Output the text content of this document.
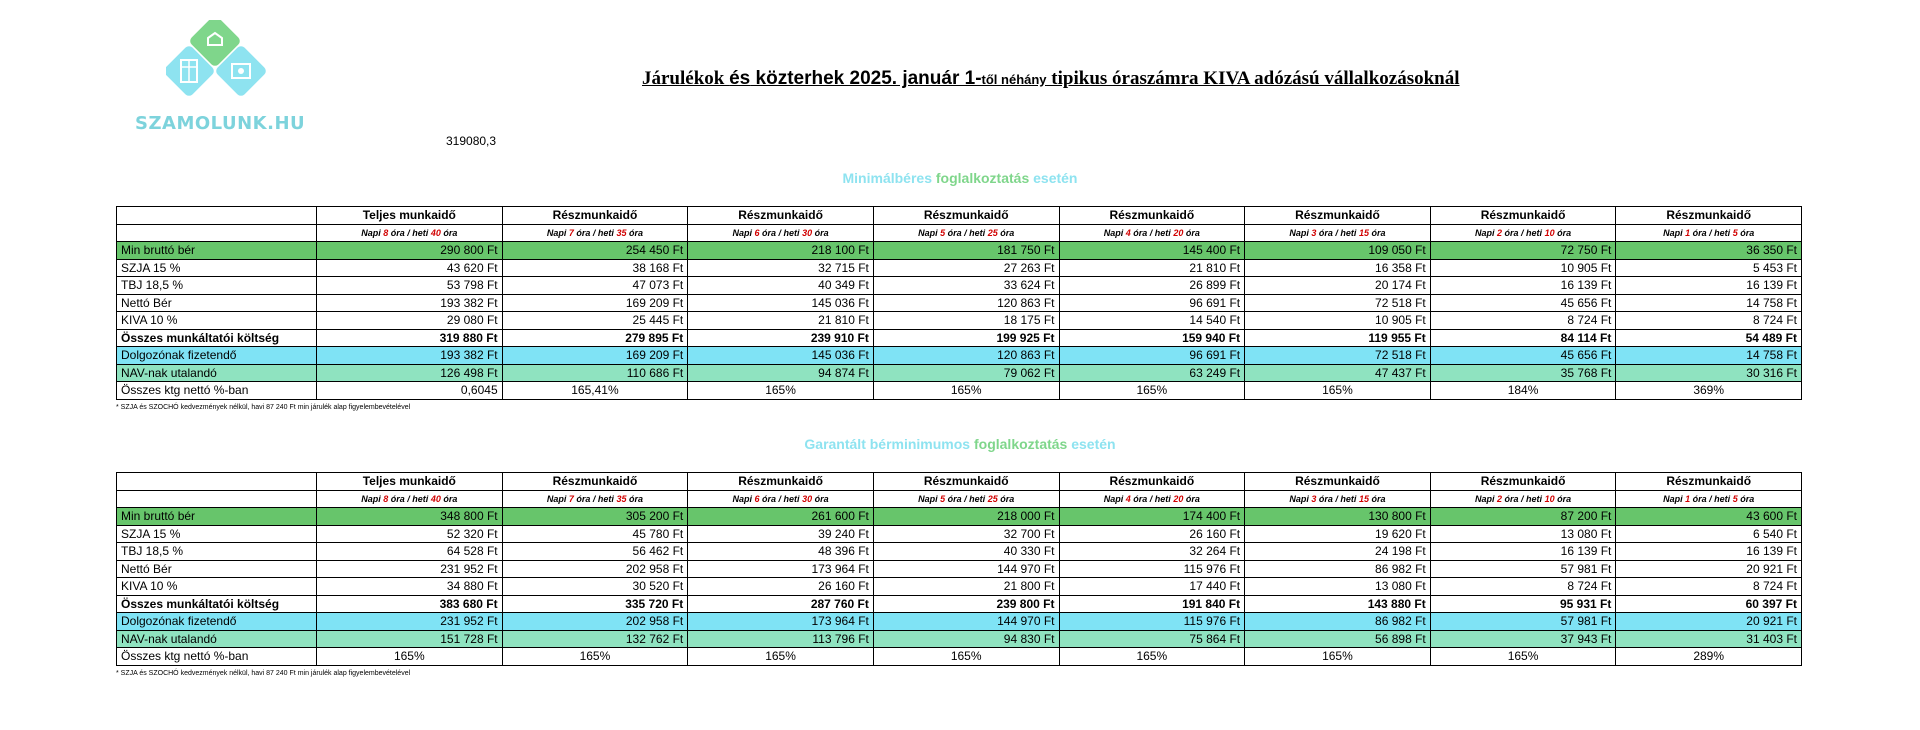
SZAMOLUNK.HU
Járulékok és közterhek 2025. január 1-től néhány tipikus óraszámra KIVA adózású vállalkozásoknál
319080,3
Minimálbéres foglalkoztatás esetén
	Teljes munkaidő	Részmunkaidő	Részmunkaidő	Részmunkaidő	Részmunkaidő	Részmunkaidő	Részmunkaidő	Részmunkaidő
	Napi 8 óra / heti 40 óra	Napi 7 óra / heti 35 óra	Napi 6 óra / heti 30 óra	Napi 5 óra / heti 25 óra	Napi 4 óra / heti 20 óra	Napi 3 óra / heti 15 óra	Napi 2 óra / heti 10 óra	Napi 1 óra / heti 5 óra
Min bruttó bér	290 800 Ft	254 450 Ft	218 100 Ft	181 750 Ft	145 400 Ft	109 050 Ft	72 750 Ft	36 350 Ft
SZJA 15 %	43 620 Ft	38 168 Ft	32 715 Ft	27 263 Ft	21 810 Ft	16 358 Ft	10 905 Ft	5 453 Ft
TBJ 18,5 %	53 798 Ft	47 073 Ft	40 349 Ft	33 624 Ft	26 899 Ft	20 174 Ft	16 139 Ft	16 139 Ft
Nettó Bér	193 382 Ft	169 209 Ft	145 036 Ft	120 863 Ft	96 691 Ft	72 518 Ft	45 656 Ft	14 758 Ft
KIVA 10 %	29 080 Ft	25 445 Ft	21 810 Ft	18 175 Ft	14 540 Ft	10 905 Ft	8 724 Ft	8 724 Ft
Összes munkáltatói költség	319 880 Ft	279 895 Ft	239 910 Ft	199 925 Ft	159 940 Ft	119 955 Ft	84 114 Ft	54 489 Ft
Dolgozónak fizetendő	193 382 Ft	169 209 Ft	145 036 Ft	120 863 Ft	96 691 Ft	72 518 Ft	45 656 Ft	14 758 Ft
NAV-nak utalandó	126 498 Ft	110 686 Ft	94 874 Ft	79 062 Ft	63 249 Ft	47 437 Ft	35 768 Ft	30 316 Ft
Összes ktg nettó %-ban	0,6045	165,41%	165%	165%	165%	165%	184%	369%
* SZJA és SZOCHÓ kedvezmények nélkül, havi 87 240 Ft min járulék alap figyelembevételével
Garantált bérminimumos foglalkoztatás esetén
	Teljes munkaidő	Részmunkaidő	Részmunkaidő	Részmunkaidő	Részmunkaidő	Részmunkaidő	Részmunkaidő	Részmunkaidő
	Napi 8 óra / heti 40 óra	Napi 7 óra / heti 35 óra	Napi 6 óra / heti 30 óra	Napi 5 óra / heti 25 óra	Napi 4 óra / heti 20 óra	Napi 3 óra / heti 15 óra	Napi 2 óra / heti 10 óra	Napi 1 óra / heti 5 óra
Min bruttó bér	348 800 Ft	305 200 Ft	261 600 Ft	218 000 Ft	174 400 Ft	130 800 Ft	87 200 Ft	43 600 Ft
SZJA 15 %	52 320 Ft	45 780 Ft	39 240 Ft	32 700 Ft	26 160 Ft	19 620 Ft	13 080 Ft	6 540 Ft
TBJ 18,5 %	64 528 Ft	56 462 Ft	48 396 Ft	40 330 Ft	32 264 Ft	24 198 Ft	16 139 Ft	16 139 Ft
Nettó Bér	231 952 Ft	202 958 Ft	173 964 Ft	144 970 Ft	115 976 Ft	86 982 Ft	57 981 Ft	20 921 Ft
KIVA 10 %	34 880 Ft	30 520 Ft	26 160 Ft	21 800 Ft	17 440 Ft	13 080 Ft	8 724 Ft	8 724 Ft
Összes munkáltatói költség	383 680 Ft	335 720 Ft	287 760 Ft	239 800 Ft	191 840 Ft	143 880 Ft	95 931 Ft	60 397 Ft
Dolgozónak fizetendő	231 952 Ft	202 958 Ft	173 964 Ft	144 970 Ft	115 976 Ft	86 982 Ft	57 981 Ft	20 921 Ft
NAV-nak utalandó	151 728 Ft	132 762 Ft	113 796 Ft	94 830 Ft	75 864 Ft	56 898 Ft	37 943 Ft	31 403 Ft
Összes ktg nettó %-ban	165%	165%	165%	165%	165%	165%	165%	289%
* SZJA és SZOCHÓ kedvezmények nélkül, havi 87 240 Ft min járulék alap figyelembevételével
